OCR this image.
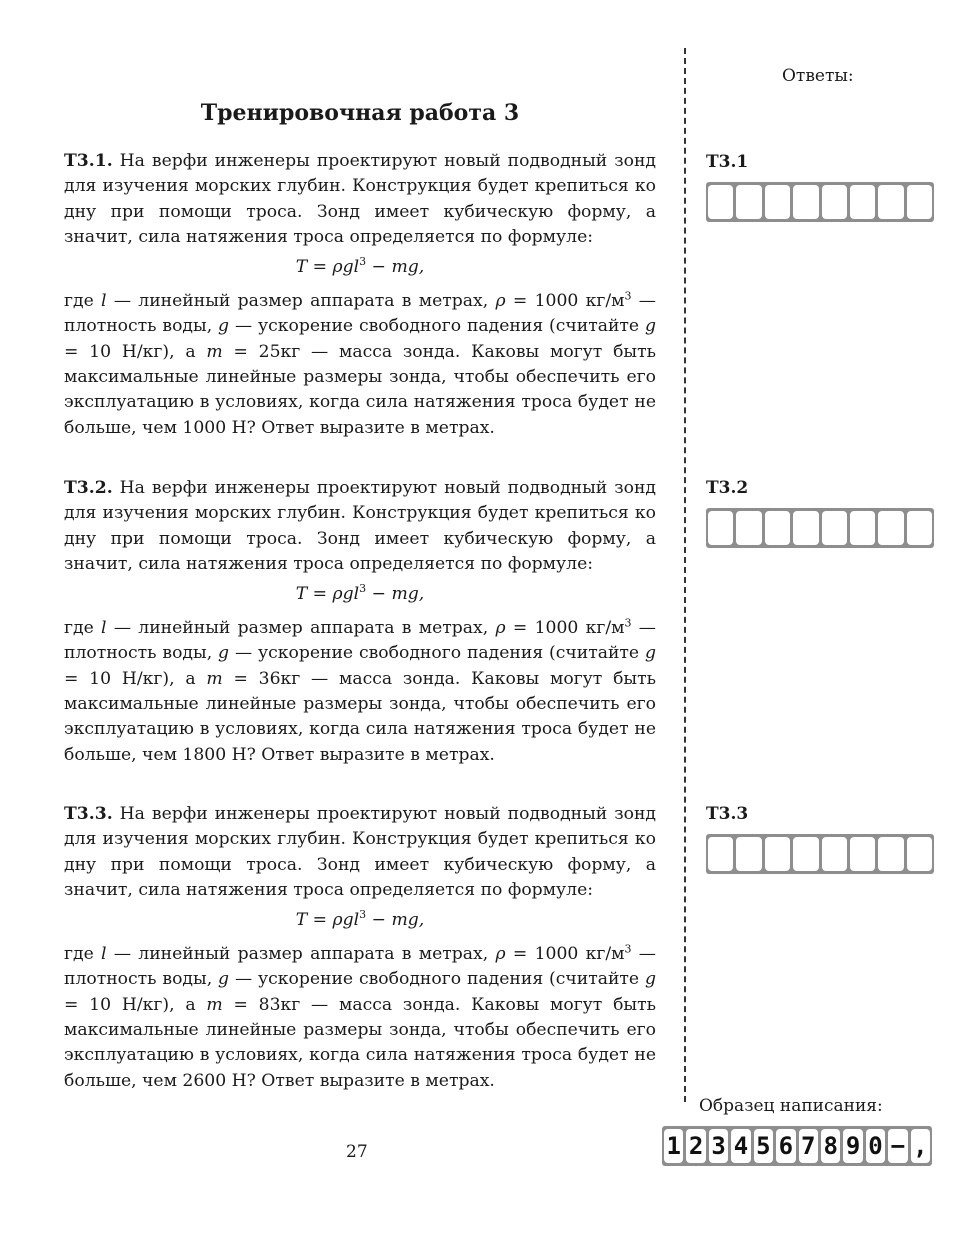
Тренировочная работа 3

T3.1. На верфи инженеры проектируют новый подводный зонд для изучения морских глубин. Конструкция будет крепиться ко дну при помощи троса. Зонд имеет кубическую форму, а значит, сила натяжения троса определяется по формуле:

T = ρgl$^3$ − mg,

где l — линейный размер аппарата в метрах, ρ = 1000 $кг/м^3$ — плотность воды, g — ускорение свободного падения (считайте g = 10 Н/кг), а m = 25кг — масса зонда. Каковы могут быть максимальные линейные размеры зонда, чтобы обеспечить его эксплуатацию в условиях, когда сила натяжения троса будет не больше, чем 1000 Н? Ответ выразите в метрах.

T3.2. На верфи инженеры проектируют новый подводный зонд для изучения морских глубин. Конструкция будет крепиться ко дну при помощи троса. Зонд имеет кубическую форму, а значит, сила натяжения троса определяется по формуле:

T = ρgl$^3$ − mg,

где l — линейный размер аппарата в метрах, ρ = 1000 $кг/м^3$ — плотность воды, g — ускорение свободного падения (считайте g = 10 Н/кг), а m = 36кг — масса зонда. Каковы могут быть максимальные линейные размеры зонда, чтобы обеспечить его эксплуатацию в условиях, когда сила натяжения троса будет не больше, чем 1800 Н? Ответ выразите в метрах.

T3.3. На верфи инженеры проектируют новый подводный зонд для изучения морских глубин. Конструкция будет крепиться ко дну при помощи троса. Зонд имеет кубическую форму, а значит, сила натяжения троса определяется по формуле:

T = ρgl$^3$ − mg,

где l — линейный размер аппарата в метрах, ρ = 1000 $кг/м^3$ — плотность воды, g — ускорение свободного падения (считайте g = 10 Н/кг), а m = 83кг — масса зонда. Каковы могут быть максимальные линейные размеры зонда, чтобы обеспечить его эксплуатацию в условиях, когда сила натяжения троса будет не больше, чем 2600 Н? Ответ выразите в метрах.

Ответы:
T3.1
T3.2
T3.3
Образец написания:
1 2 3 4 5 6 7 8 9 0 − ,
27
